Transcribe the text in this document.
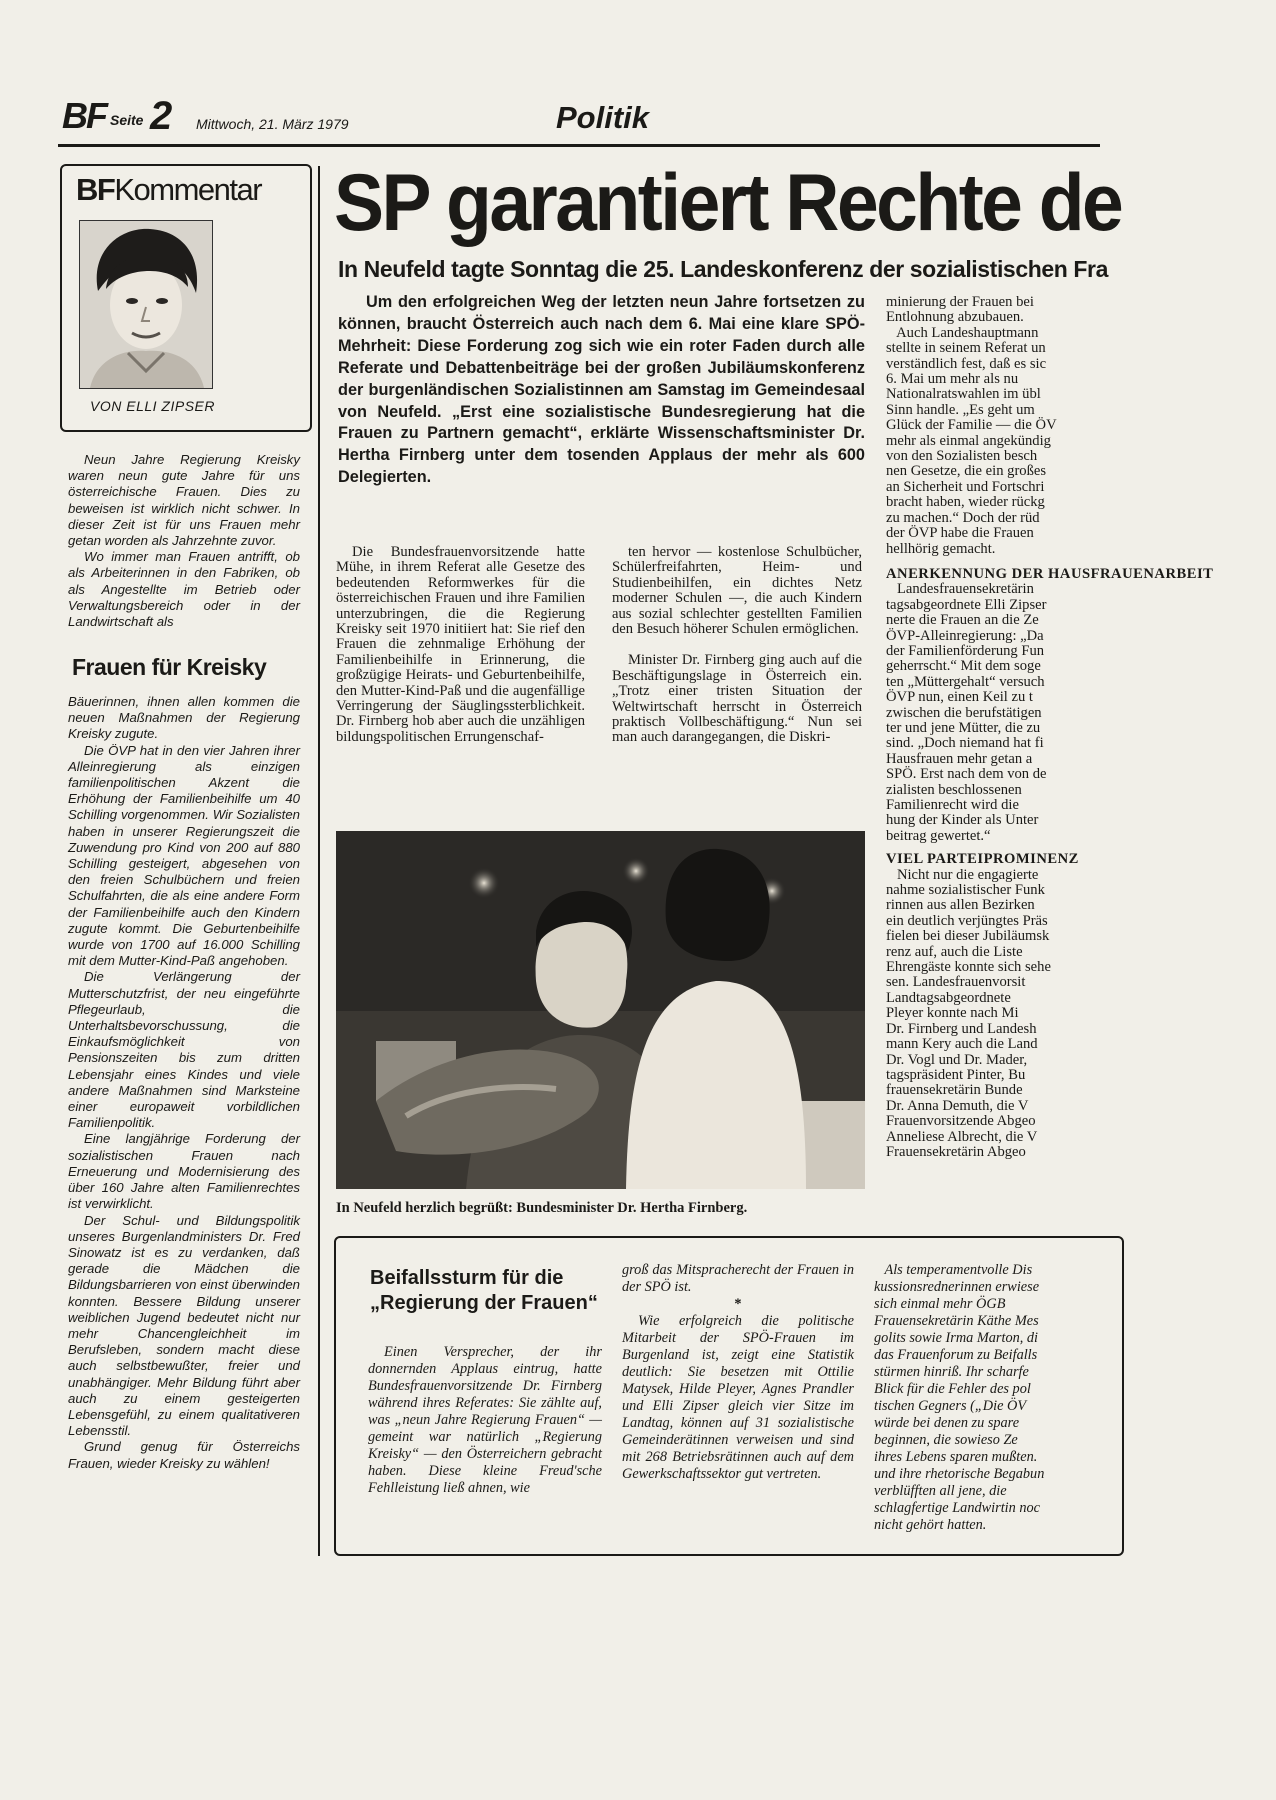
BF Seite 2 Mittwoch, 21. März 1979	Politik
BFKommentar
VON ELLI ZIPSER

Neun Jahre Regierung Kreisky waren neun gute Jahre für uns österreichische Frauen. Dies zu beweisen ist wirklich nicht schwer. In dieser Zeit ist für uns Frauen mehr getan worden als Jahrzehnte zuvor.

Wo immer man Frauen antrifft, ob als Arbeiterinnen in den Fabriken, ob als Angestellte im Betrieb oder Verwaltungsbereich oder in der Landwirtschaft als

Frauen für Kreisky

Bäuerinnen, ihnen allen kommen die neuen Maßnahmen der Regierung Kreisky zugute.

Die ÖVP hat in den vier Jahren ihrer Alleinregierung als einzigen familienpolitischen Akzent die Erhöhung der Familienbeihilfe um 40 Schilling vorgenommen. Wir Sozialisten haben in unserer Regierungszeit die Zuwendung pro Kind von 200 auf 880 Schilling gesteigert, abgesehen von den freien Schulbüchern und freien Schulfahrten, die als eine andere Form der Familienbeihilfe auch den Kindern zugute kommt. Die Geburtenbeihilfe wurde von 1700 auf 16.000 Schilling mit dem Mutter-Kind-Paß angehoben.

Die Verlängerung der Mutterschutzfrist, der neu eingeführte Pflegeurlaub, die Unterhaltsbevorschussung, die Einkaufsmöglichkeit von Pensionszeiten bis zum dritten Lebensjahr eines Kindes und viele andere Maßnahmen sind Marksteine einer europaweit vorbildlichen Familienpolitik.

Eine langjährige Forderung der sozialistischen Frauen nach Erneuerung und Modernisierung des über 160 Jahre alten Familienrechtes ist verwirklicht.

Der Schul- und Bildungspolitik unseres Burgenlandministers Dr. Fred Sinowatz ist es zu verdanken, daß gerade die Mädchen die Bildungsbarrieren von einst überwinden konnten. Bessere Bildung unserer weiblichen Jugend bedeutet nicht nur mehr Chancengleichheit im Berufsleben, sondern macht diese auch selbstbewußter, freier und unabhängiger. Mehr Bildung führt aber auch zu einem gesteigerten Lebensgefühl, zu einem qualitativeren Lebensstil.

Grund genug für Österreichs Frauen, wieder Kreisky zu wählen!

SP garantiert Rechte de
In Neufeld tagte Sonntag die 25. Landeskonferenz der sozialistischen Fra

Um den erfolgreichen Weg der letzten neun Jahre fortsetzen zu können, braucht Österreich auch nach dem 6. Mai eine klare SPÖ-Mehrheit: Diese Forderung zog sich wie ein roter Faden durch alle Referate und Debattenbeiträge bei der großen Jubiläumskonferenz der burgenländischen Sozialistinnen am Samstag im Gemeindesaal von Neufeld. „Erst eine sozialistische Bundesregierung hat die Frauen zu Partnern gemacht“, erklärte Wissenschaftsminister Dr. Hertha Firnberg unter dem tosenden Applaus der mehr als 600 Delegierten.

Die Bundesfrauenvorsitzende hatte Mühe, in ihrem Referat alle Gesetze des bedeutenden Reformwerkes für die österreichischen Frauen und ihre Familien unterzubringen, die die Regierung Kreisky seit 1970 initiiert hat: Sie rief den Frauen die zehnmalige Erhöhung der Familienbeihilfe in Erinnerung, die großzügige Heirats- und Geburtenbeihilfe, den Mutter-Kind-Paß und die augenfällige Verringerung der Säuglingssterblichkeit. Dr. Firnberg hob aber auch die unzähligen bildungspolitischen Errungenschaf-

ten hervor — kostenlose Schulbücher, Schülerfreifahrten, Heim- und Studienbeihilfen, ein dichtes Netz moderner Schulen —, die auch Kindern aus sozial schlechter gestellten Familien den Besuch höherer Schulen ermöglichen.

Minister Dr. Firnberg ging auch auf die Beschäftigungslage in Österreich ein. „Trotz einer tristen Situation der Weltwirtschaft herrscht in Österreich praktisch Vollbeschäftigung.“ Nun sei man auch darangegangen, die Diskri-

minierung der Frauen bei
Entlohnung abzubauen.
Auch Landeshauptmann
stellte in seinem Referat un
verständlich fest, daß es sic
6. Mai um mehr als nu
Nationalratswahlen im übl
Sinn handle. „Es geht um
Glück der Familie — die ÖV
mehr als einmal angekündig
von den Sozialisten besch
nen Gesetze, die ein großes
an Sicherheit und Fortschri
bracht haben, wieder rückg
zu machen.“ Doch der rüd
der ÖVP habe die Frauen
hellhörig gemacht.
ANERKENNUNG DER HAUSFRAUENARBEIT
Landesfrauensekretärin
tagsabgeordnete Elli Zipser
nerte die Frauen an die Ze
ÖVP-Alleinregierung: „Da
der Familienförderung Fun
geherrscht.“ Mit dem soge
ten „Müttergehalt“ versuch
ÖVP nun, einen Keil zu t
zwischen die berufstätigen
ter und jene Mütter, die zu
sind. „Doch niemand hat fi
Hausfrauen mehr getan a
SPÖ. Erst nach dem von de
zialisten beschlossenen
Familienrecht wird die
hung der Kinder als Unter
beitrag gewertet.“
VIEL PARTEIPROMINENZ
Nicht nur die engagierte
nahme sozialistischer Funk
rinnen aus allen Bezirken
ein deutlich verjüngtes Präs
fielen bei dieser Jubiläumsk
renz auf, auch die Liste
Ehrengäste konnte sich sehe
sen. Landesfrauenvorsit
Landtagsabgeordnete
Pleyer konnte nach Mi
Dr. Firnberg und Landesh
mann Kery auch die Land
Dr. Vogl und Dr. Mader,
tagspräsident Pinter, Bu
frauensekretärin Bunde
Dr. Anna Demuth, die V
Frauenvorsitzende Abgeo
Anneliese Albrecht, die V
Frauensekretärin Abgeo
In Neufeld herzlich begrüßt: Bundesminister Dr. Hertha Firnberg.
Beifallssturm für die „Regierung der Frauen“

Einen Versprecher, der ihr donnernden Applaus eintrug, hatte Bundesfrauenvorsitzende Dr. Firnberg während ihres Referates: Sie zählte auf, was „neun Jahre Regierung Frauen“ — gemeint war natürlich „Regierung Kreisky“ — den Österreichern gebracht haben. Diese kleine Freud'sche Fehlleistung ließ ahnen, wie

groß das Mitspracherecht der Frauen in der SPÖ ist.

*

Wie erfolgreich die politische Mitarbeit der SPÖ-Frauen im Burgenland ist, zeigt eine Statistik deutlich: Sie besetzen mit Ottilie Matysek, Hilde Pleyer, Agnes Prandler und Elli Zipser gleich vier Sitze im Landtag, können auf 31 sozialistische Gemeinderätinnen verweisen und sind mit 268 Betriebsrätinnen auch auf dem Gewerkschaftssektor gut vertreten.

Als temperamentvolle Dis
kussionsrednerinnen erwiese
sich einmal mehr ÖGB
Frauensekretärin Käthe Mes
golits sowie Irma Marton, di
das Frauenforum zu Beifalls
stürmen hinriß. Ihr scharfe
Blick für die Fehler des pol
tischen Gegners („Die ÖV
würde bei denen zu spare
beginnen, die sowieso Ze
ihres Lebens sparen mußten.
und ihre rhetorische Begabun
verblüfften all jene, die
schlagfertige Landwirtin noc
nicht gehört hatten.
